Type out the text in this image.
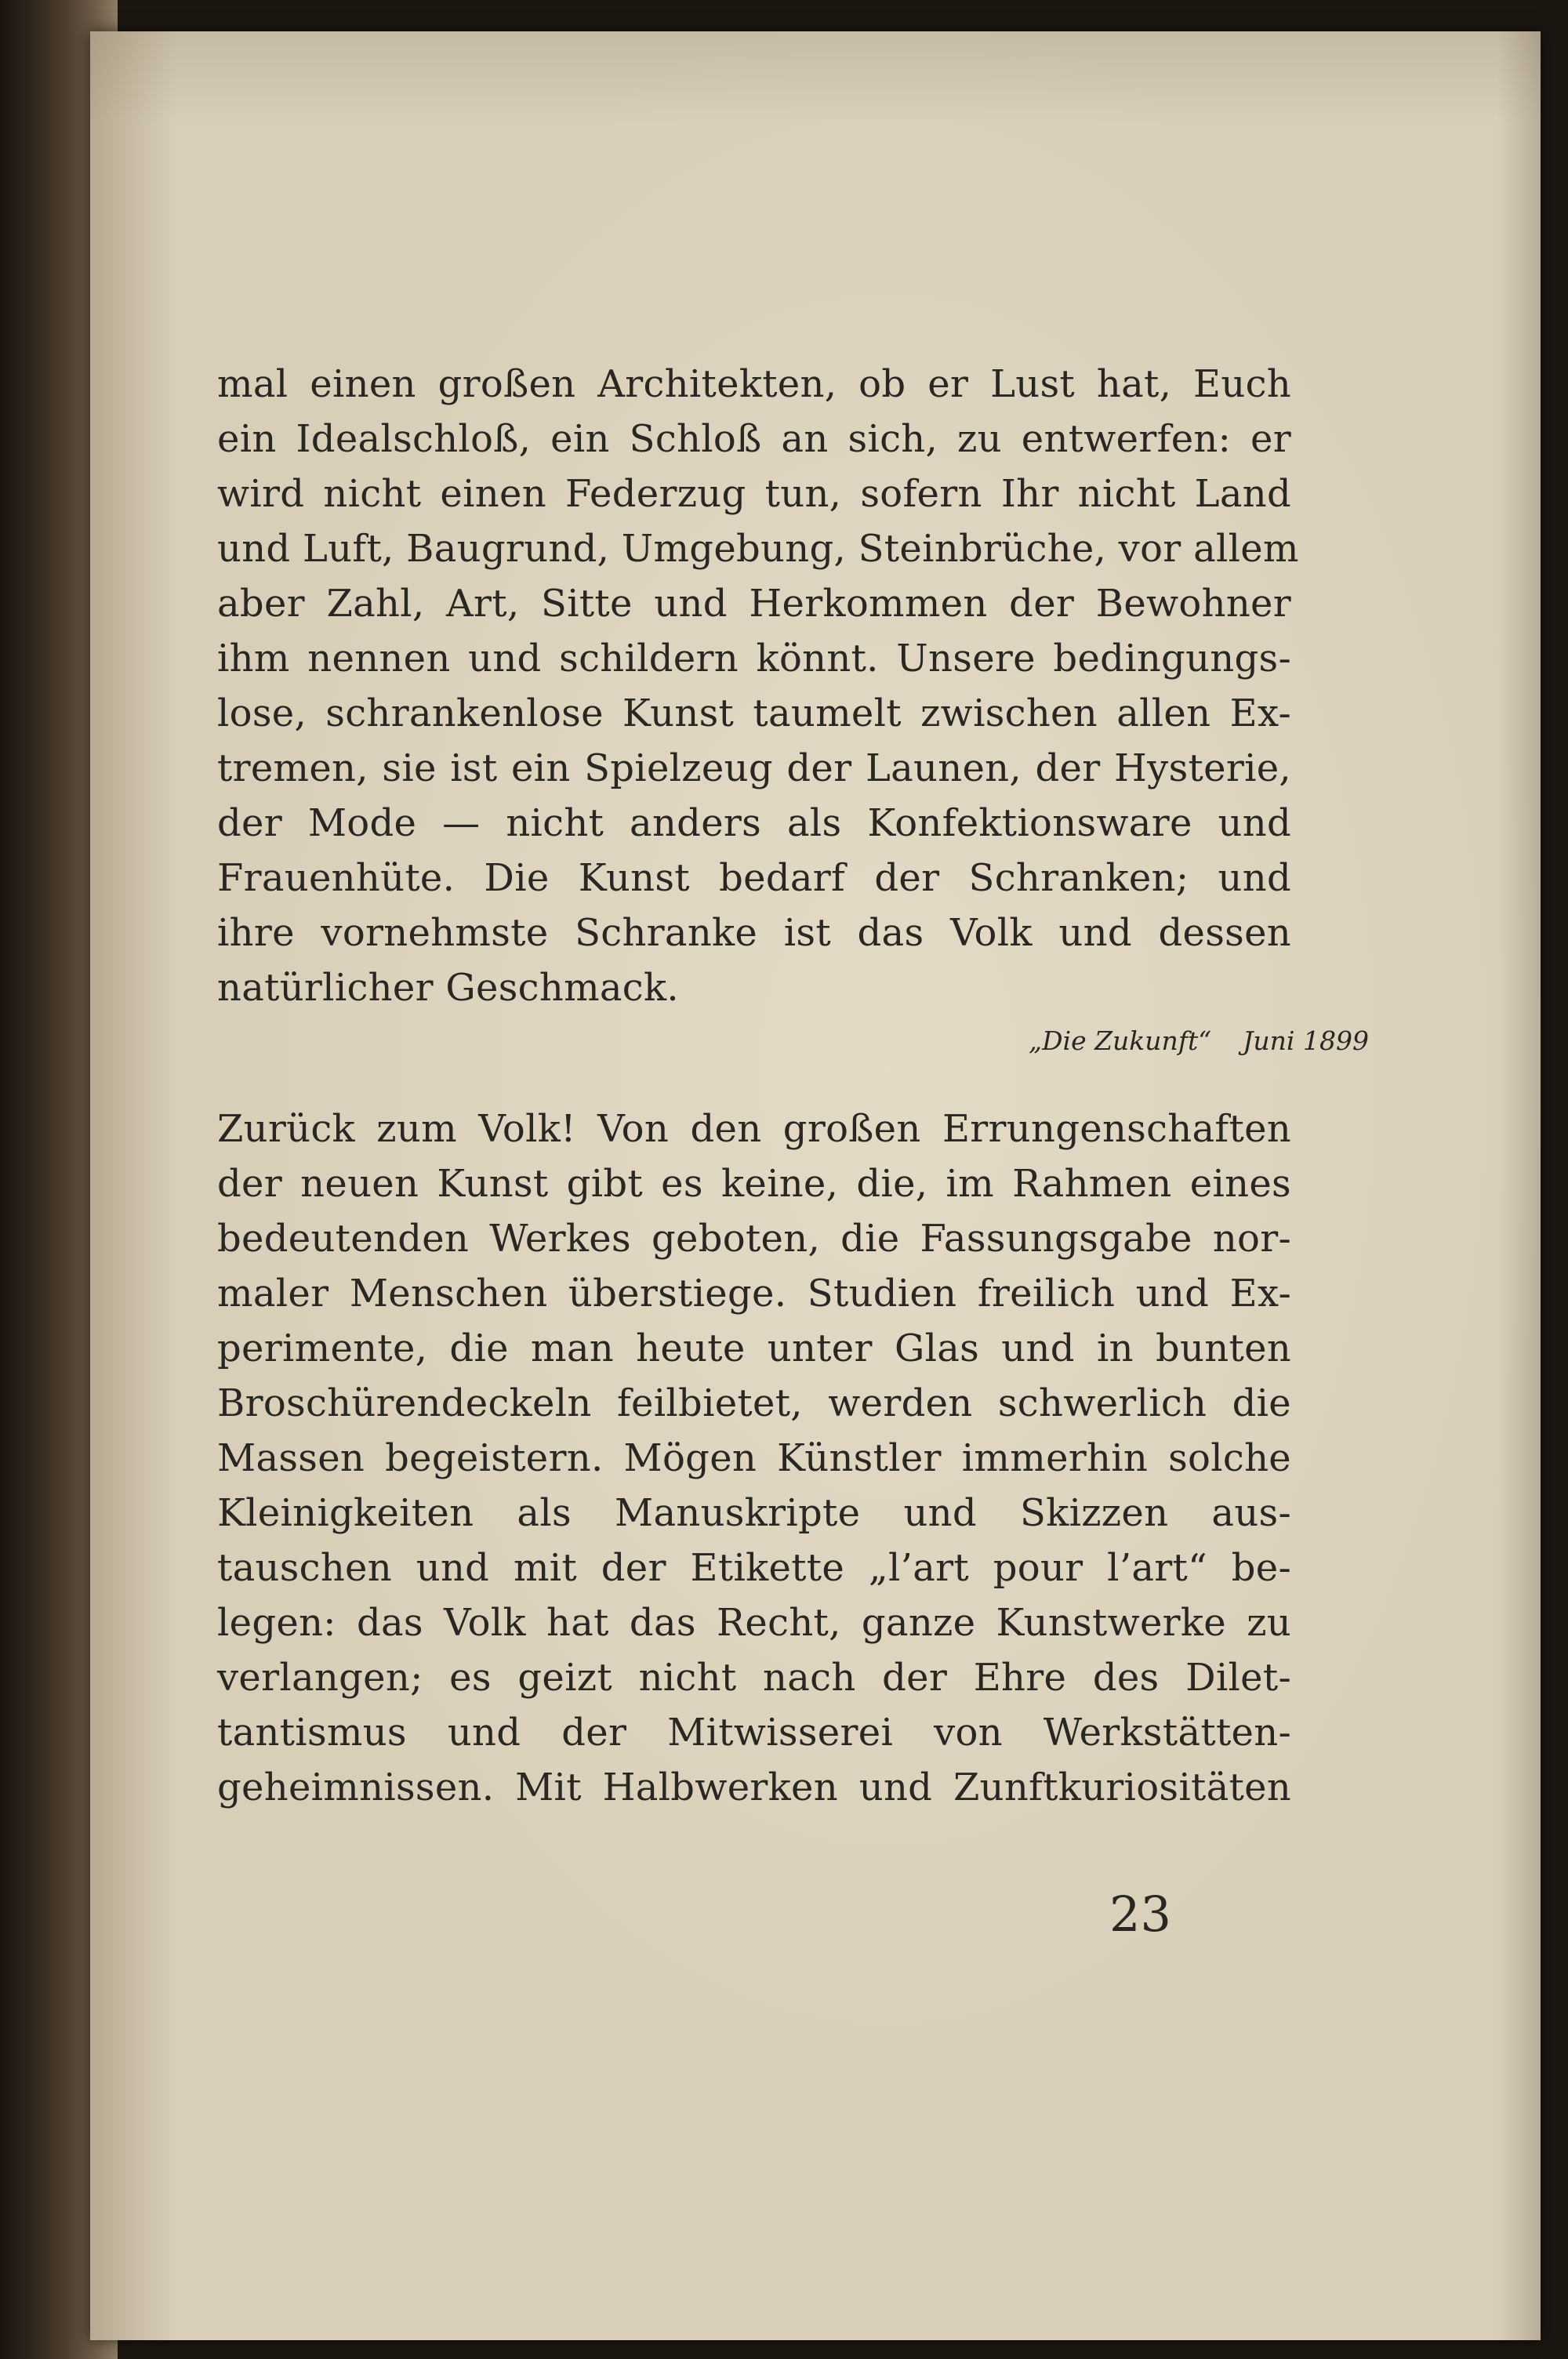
mal einen großen Architekten, ob er Lust hat, Euch
ein Idealschloß, ein Schloß an sich, zu entwerfen: er
wird nicht einen Federzug tun, sofern Ihr nicht Land
und Luft, Baugrund, Umgebung, Steinbrüche, vor allem
aber Zahl, Art, Sitte und Herkommen der Bewohner
ihm nennen und schildern könnt. Unsere bedingungs-
lose, schrankenlose Kunst taumelt zwischen allen Ex-
tremen, sie ist ein Spielzeug der Launen, der Hysterie,
der Mode — nicht anders als Konfektionsware und
Frauenhüte. Die Kunst bedarf der Schranken; und
ihre vornehmste Schranke ist das Volk und dessen
natürlicher Geschmack.
„Die Zukunft“ Juni 1899
Zurück zum Volk! Von den großen Errungenschaften
der neuen Kunst gibt es keine, die, im Rahmen eines
bedeutenden Werkes geboten, die Fassungsgabe nor-
maler Menschen überstiege. Studien freilich und Ex-
perimente, die man heute unter Glas und in bunten
Broschürendeckeln feilbietet, werden schwerlich die
Massen begeistern. Mögen Künstler immerhin solche
Kleinigkeiten als Manuskripte und Skizzen aus-
tauschen und mit der Etikette „l’art pour l’art“ be-
legen: das Volk hat das Recht, ganze Kunstwerke zu
verlangen; es geizt nicht nach der Ehre des Dilet-
tantismus und der Mitwisserei von Werkstätten-
geheimnissen. Mit Halbwerken und Zunftkuriositäten
23
